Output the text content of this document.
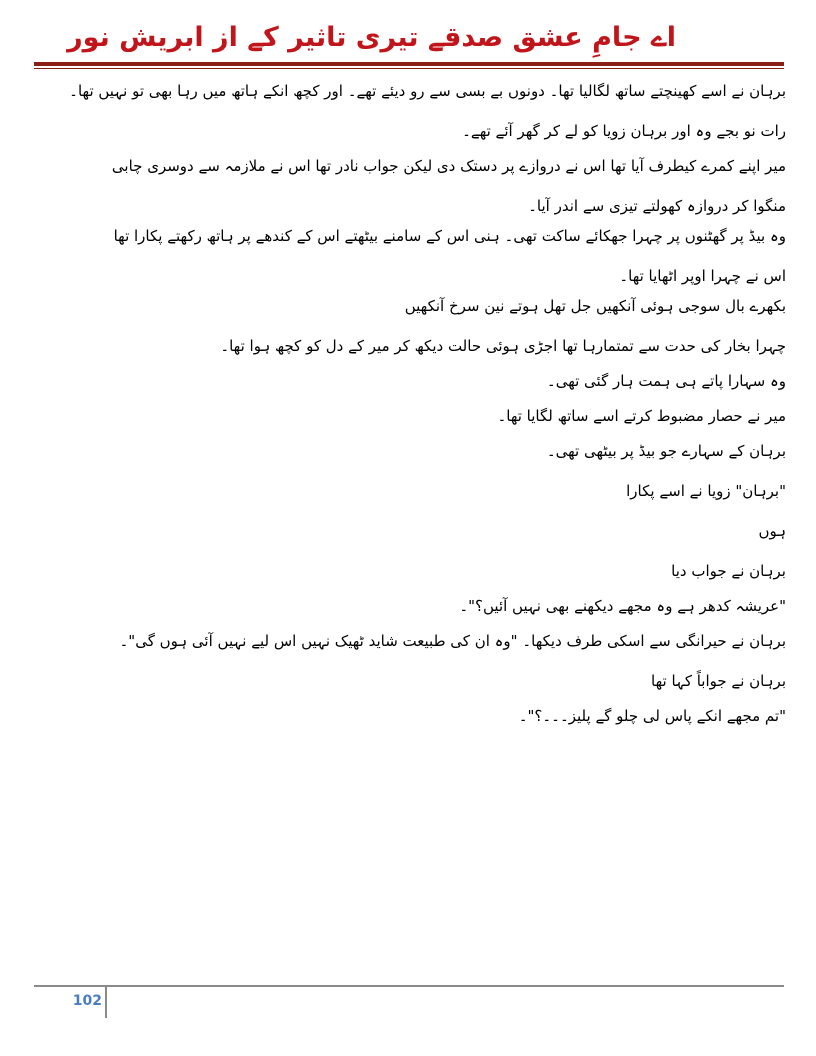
اے جامِ عشق صدقے تیری تاثیر کے از ابریش نور
برہان نے اسے کھینچتے ساتھ لگالیا تھا۔ دونوں بے بسی سے رو دیئے تھے۔ اور کچھ انکے ہاتھ میں رہا بھی تو نہیں تھا۔
رات نو بجے وہ اور برہان زویا کو لے کر گھر آئے تھے۔
میر اپنے کمرے کیطرف آیا تھا اس نے دروازے پر دستک دی لیکن جواب نادر تھا اس نے ملازمہ سے دوسری چابی
منگوا کر دروازہ کھولتے تیزی سے اندر آیا۔
وہ بیڈ پر گھٹنوں پر چہرا جھکائے ساکت تھی۔ ہنی اس کے سامنے بیٹھتے اس کے کندھے پر ہاتھ رکھتے پکارا تھا
اس نے چہرا اوپر اٹھایا تھا۔
بکھرے بال سوجی ہوئی آنکھیں جل تھل ہوتے نین سرخ آنکھیں
چہرا بخار کی حدت سے تمتمارہا تھا اجڑی ہوئی حالت دیکھ کر میر کے دل کو کچھ ہوا تھا۔
وہ سہارا پاتے ہی ہمت ہار گئی تھی۔
میر نے حصار مضبوط کرتے اسے ساتھ لگایا تھا۔
برہان کے سہارے جو بیڈ پر بیٹھی تھی۔
"برہان" زویا نے اسے پکارا
ہوں
برہان نے جواب دیا
"عریشہ کدھر ہے وہ مجھے دیکھنے بھی نہیں آئیں؟"۔
برہان نے حیرانگی سے اسکی طرف دیکھا۔ "وہ ان کی طبیعت شاید ٹھیک نہیں اس لیے نہیں آئی ہوں گی"۔
برہان نے جواباً کہا تھا
"تم مجھے انکے پاس لی چلو گے پلیز۔۔۔؟"۔
102
